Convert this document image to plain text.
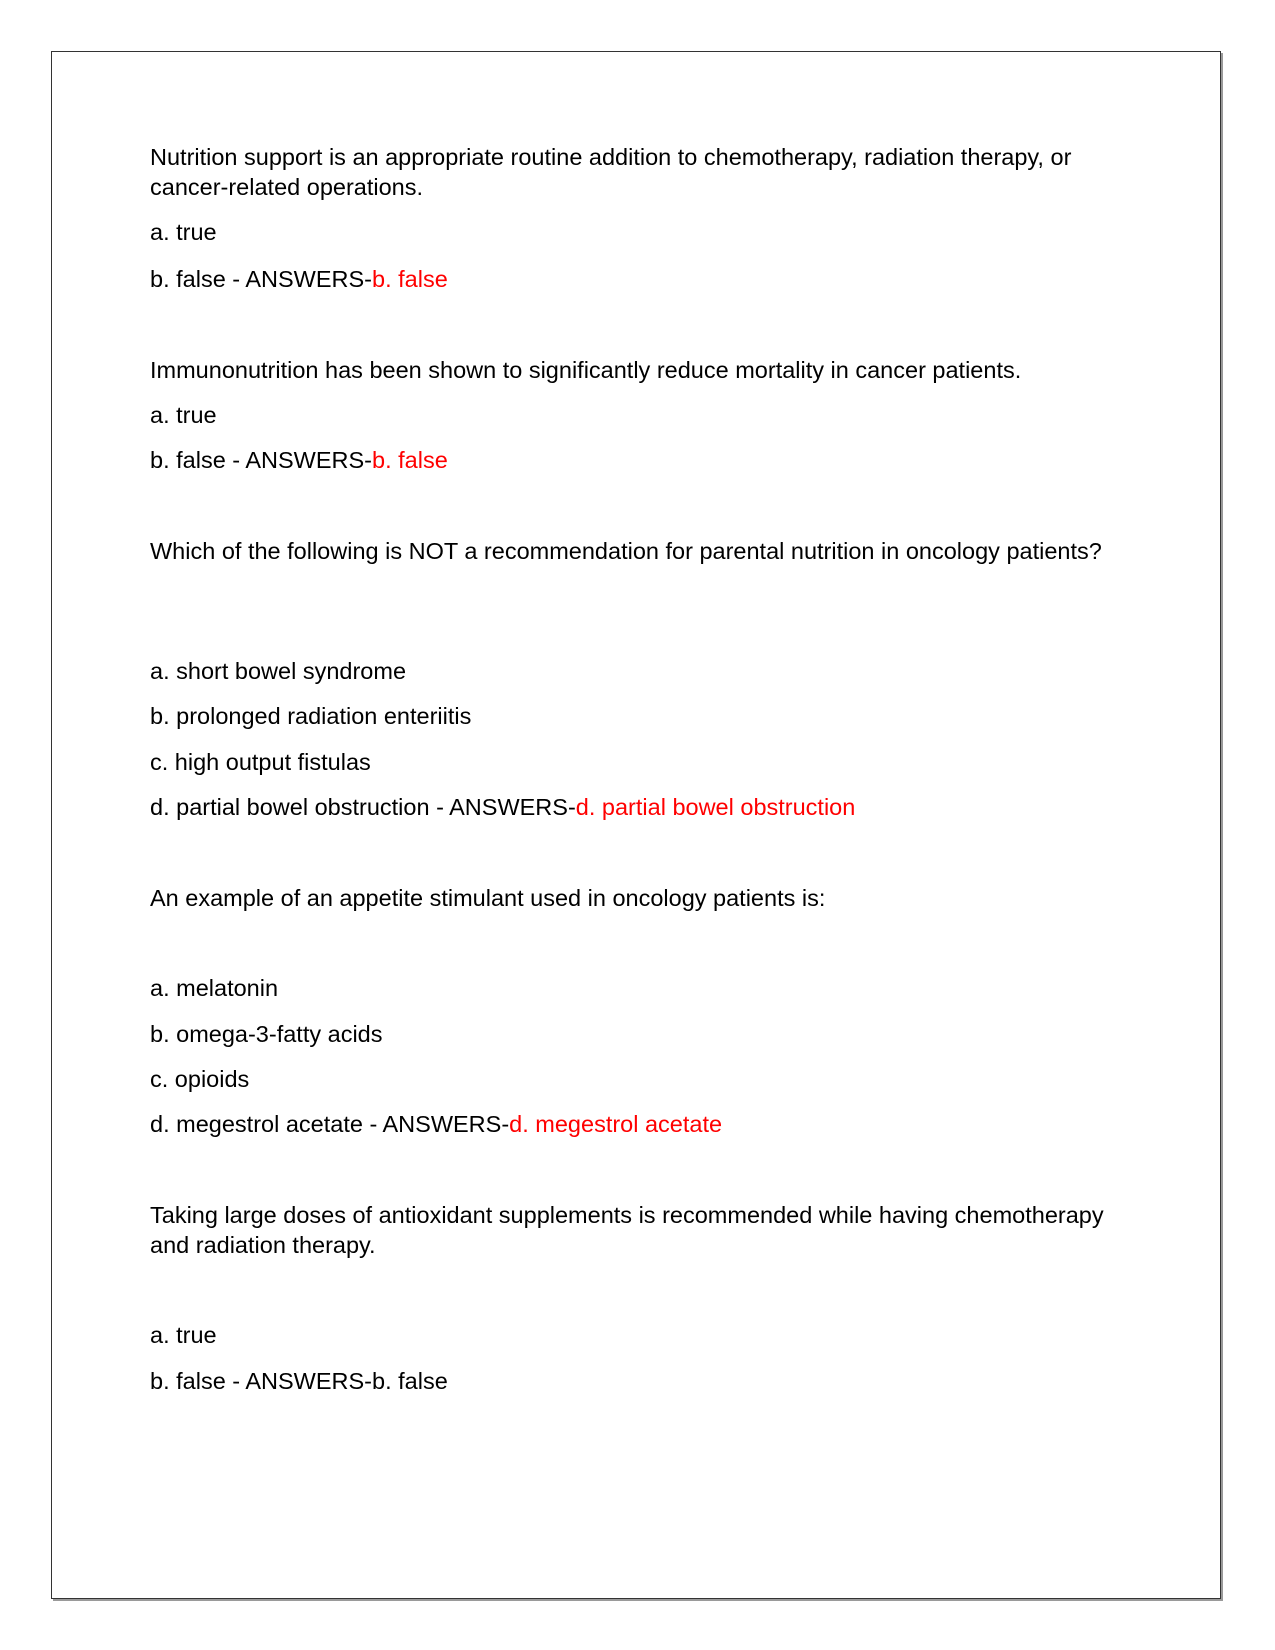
Nutrition support is an appropriate routine addition to chemotherapy, radiation therapy, or cancer-related operations.

a. true

b. false - ANSWERS-b. false

Immunonutrition has been shown to significantly reduce mortality in cancer patients.

a. true

b. false - ANSWERS-b. false

Which of the following is NOT a recommendation for parental nutrition in oncology patients?

a. short bowel syndrome

b. prolonged radiation enteriitis

c. high output fistulas

d. partial bowel obstruction - ANSWERS-d. partial bowel obstruction

An example of an appetite stimulant used in oncology patients is:

a. melatonin

b. omega-3-fatty acids

c. opioids

d. megestrol acetate - ANSWERS-d. megestrol acetate

Taking large doses of antioxidant supplements is recommended while having chemotherapy and radiation therapy.

a. true

b. false - ANSWERS-b. false
